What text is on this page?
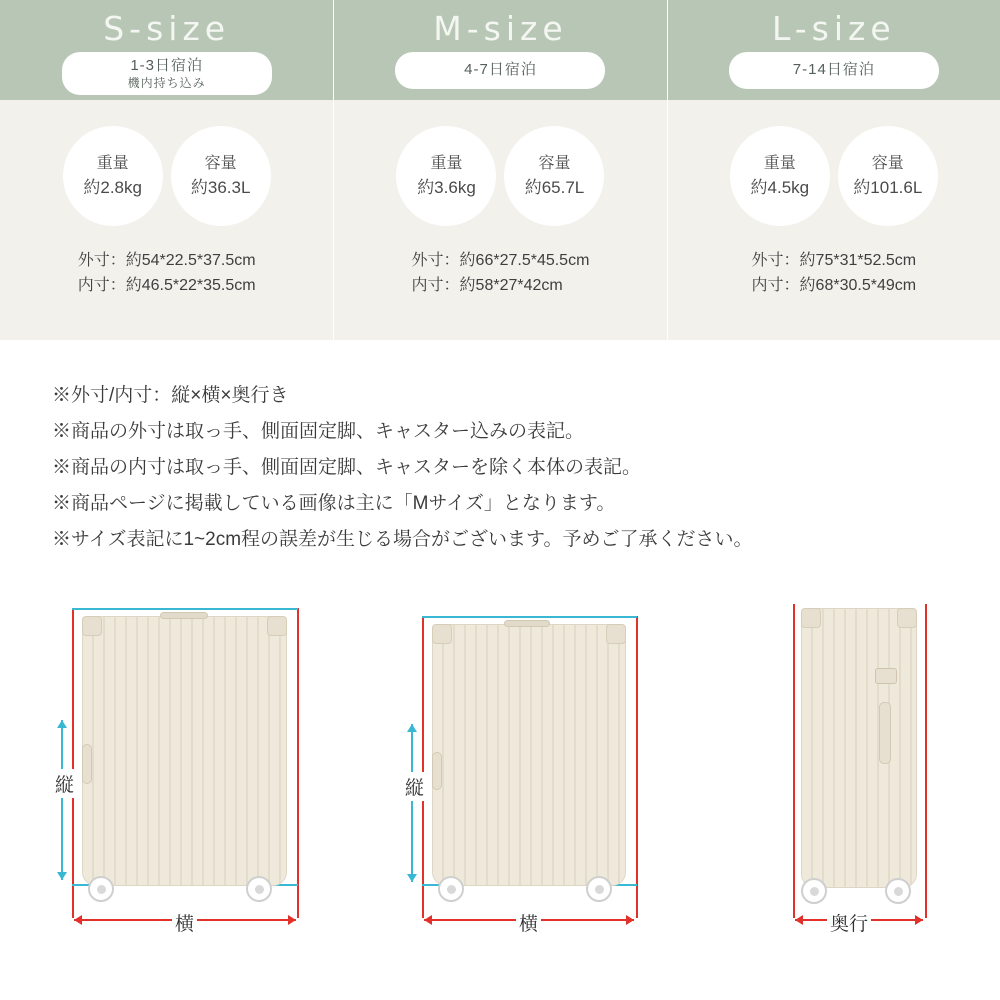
S-size
1-3日宿泊
機内持ち込み
重量
約2.8kg
容量
約36.3L
外寸：約54*22.5*37.5cm
内寸：約46.5*22*35.5cm
M-size
4-7日宿泊
重量
約3.6kg
容量
約65.7L
外寸：約66*27.5*45.5cm
内寸：約58*27*42cm
L-size
7-14日宿泊
重量
約4.5kg
容量
約101.6L
外寸：約75*31*52.5cm
内寸：約68*30.5*49cm
※外寸/内寸：縦×横×奥行き
※商品の外寸は取っ手、側面固定脚、キャスター込みの表記。
※商品の内寸は取っ手、側面固定脚、キャスターを除く本体の表記。
※商品ページに掲載している画像は主に「Mサイズ」となります。
※サイズ表記に1~2cm程の誤差が生じる場合がございます。予めご了承ください。
縦
横
縦
横	奥行
